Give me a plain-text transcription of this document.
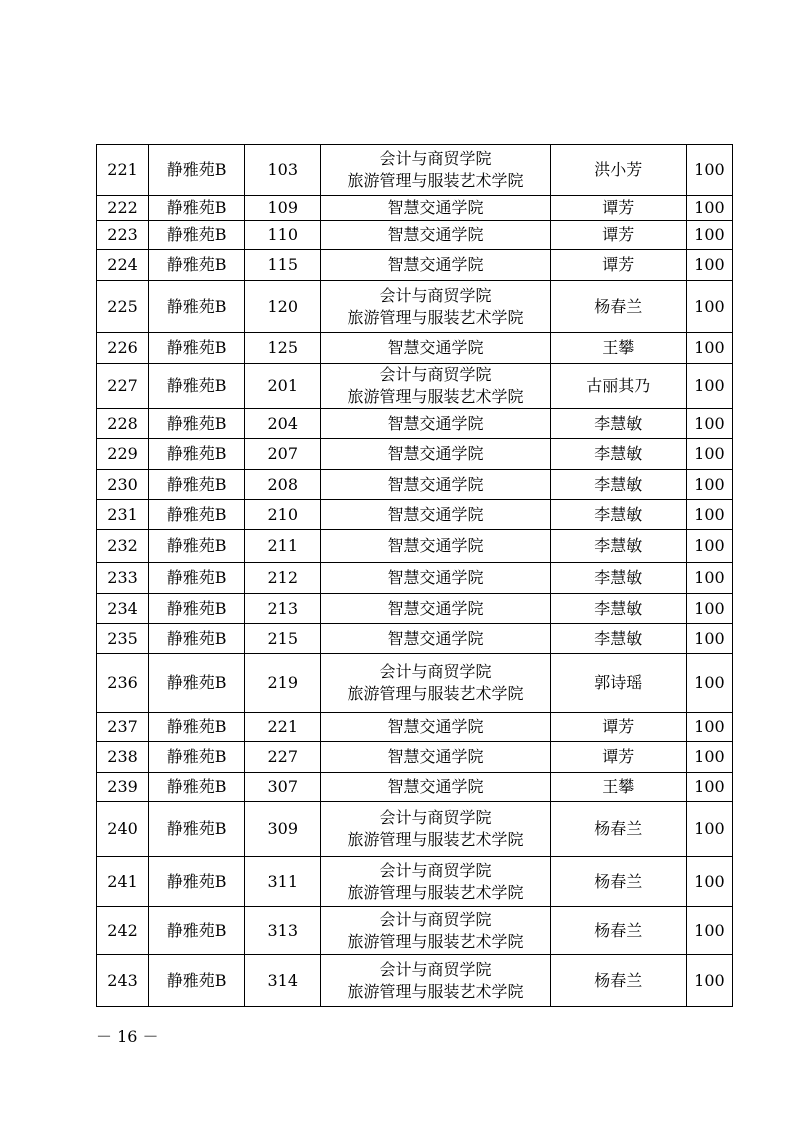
221	静雅苑B	103	会计与商贸学院
旅游管理与服装艺术学院	洪小芳	100
222	静雅苑B	109	智慧交通学院	谭芳	100
223	静雅苑B	110	智慧交通学院	谭芳	100
224	静雅苑B	115	智慧交通学院	谭芳	100
225	静雅苑B	120	会计与商贸学院
旅游管理与服装艺术学院	杨春兰	100
226	静雅苑B	125	智慧交通学院	王攀	100
227	静雅苑B	201	会计与商贸学院
旅游管理与服装艺术学院	古丽其乃	100
228	静雅苑B	204	智慧交通学院	李慧敏	100
229	静雅苑B	207	智慧交通学院	李慧敏	100
230	静雅苑B	208	智慧交通学院	李慧敏	100
231	静雅苑B	210	智慧交通学院	李慧敏	100
232	静雅苑B	211	智慧交通学院	李慧敏	100
233	静雅苑B	212	智慧交通学院	李慧敏	100
234	静雅苑B	213	智慧交通学院	李慧敏	100
235	静雅苑B	215	智慧交通学院	李慧敏	100
236	静雅苑B	219	会计与商贸学院
旅游管理与服装艺术学院	郭诗瑶	100
237	静雅苑B	221	智慧交通学院	谭芳	100
238	静雅苑B	227	智慧交通学院	谭芳	100
239	静雅苑B	307	智慧交通学院	王攀	100
240	静雅苑B	309	会计与商贸学院
旅游管理与服装艺术学院	杨春兰	100
241	静雅苑B	311	会计与商贸学院
旅游管理与服装艺术学院	杨春兰	100
242	静雅苑B	313	会计与商贸学院
旅游管理与服装艺术学院	杨春兰	100
243	静雅苑B	314	会计与商贸学院
旅游管理与服装艺术学院	杨春兰	100
－ 16 －
